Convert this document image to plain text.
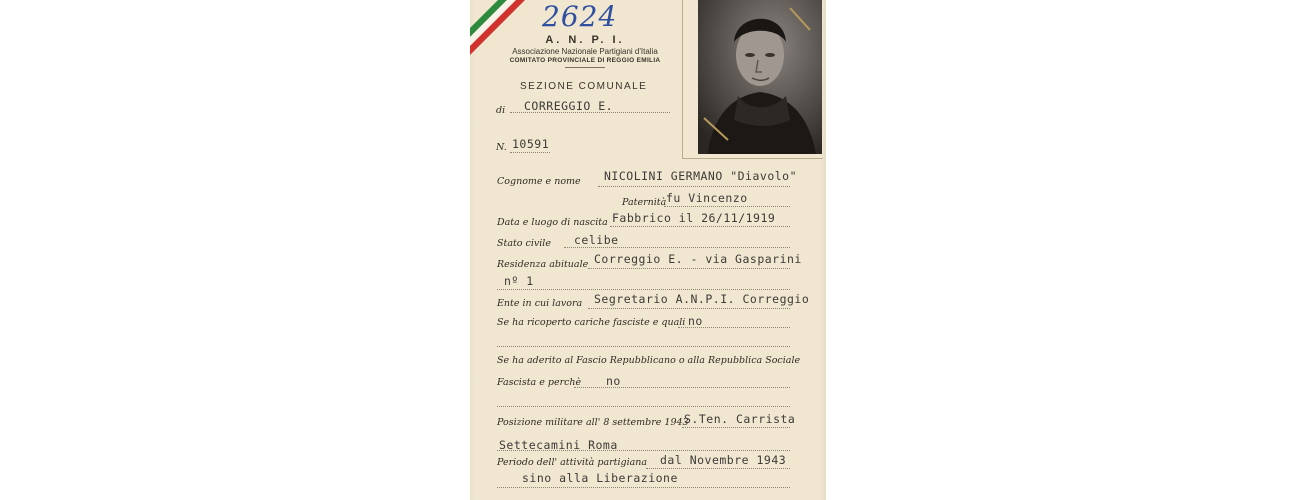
2624
A. N. P. I.
Associazione Nazionale Partigiani d'Italia
COMITATO PROVINCIALE DI REGGIO EMILIA
SEZIONE COMUNALE
di CORREGGIO E.
N. 10591
Cognome e nome NICOLINI GERMANO "Diavolo"
Paternità fu Vincenzo
Data e luogo di nascita Fabbrico il 26/11/1919
Stato civile celibe
Residenza abituale Correggio E. - via Gasparini
nº 1
Ente in cui lavora Segretario A.N.P.I. Correggio
Se ha ricoperto cariche fasciste e quali no
Se ha aderito al Fascio Repubblicano o alla Repubblica Sociale
Fascista e perchè no
Posizione militare all' 8 settembre 1943
S.Ten. Carrista
Settecamini Roma
Periodo dell' attività partigiana dal Novembre 1943
sino alla Liberazione
